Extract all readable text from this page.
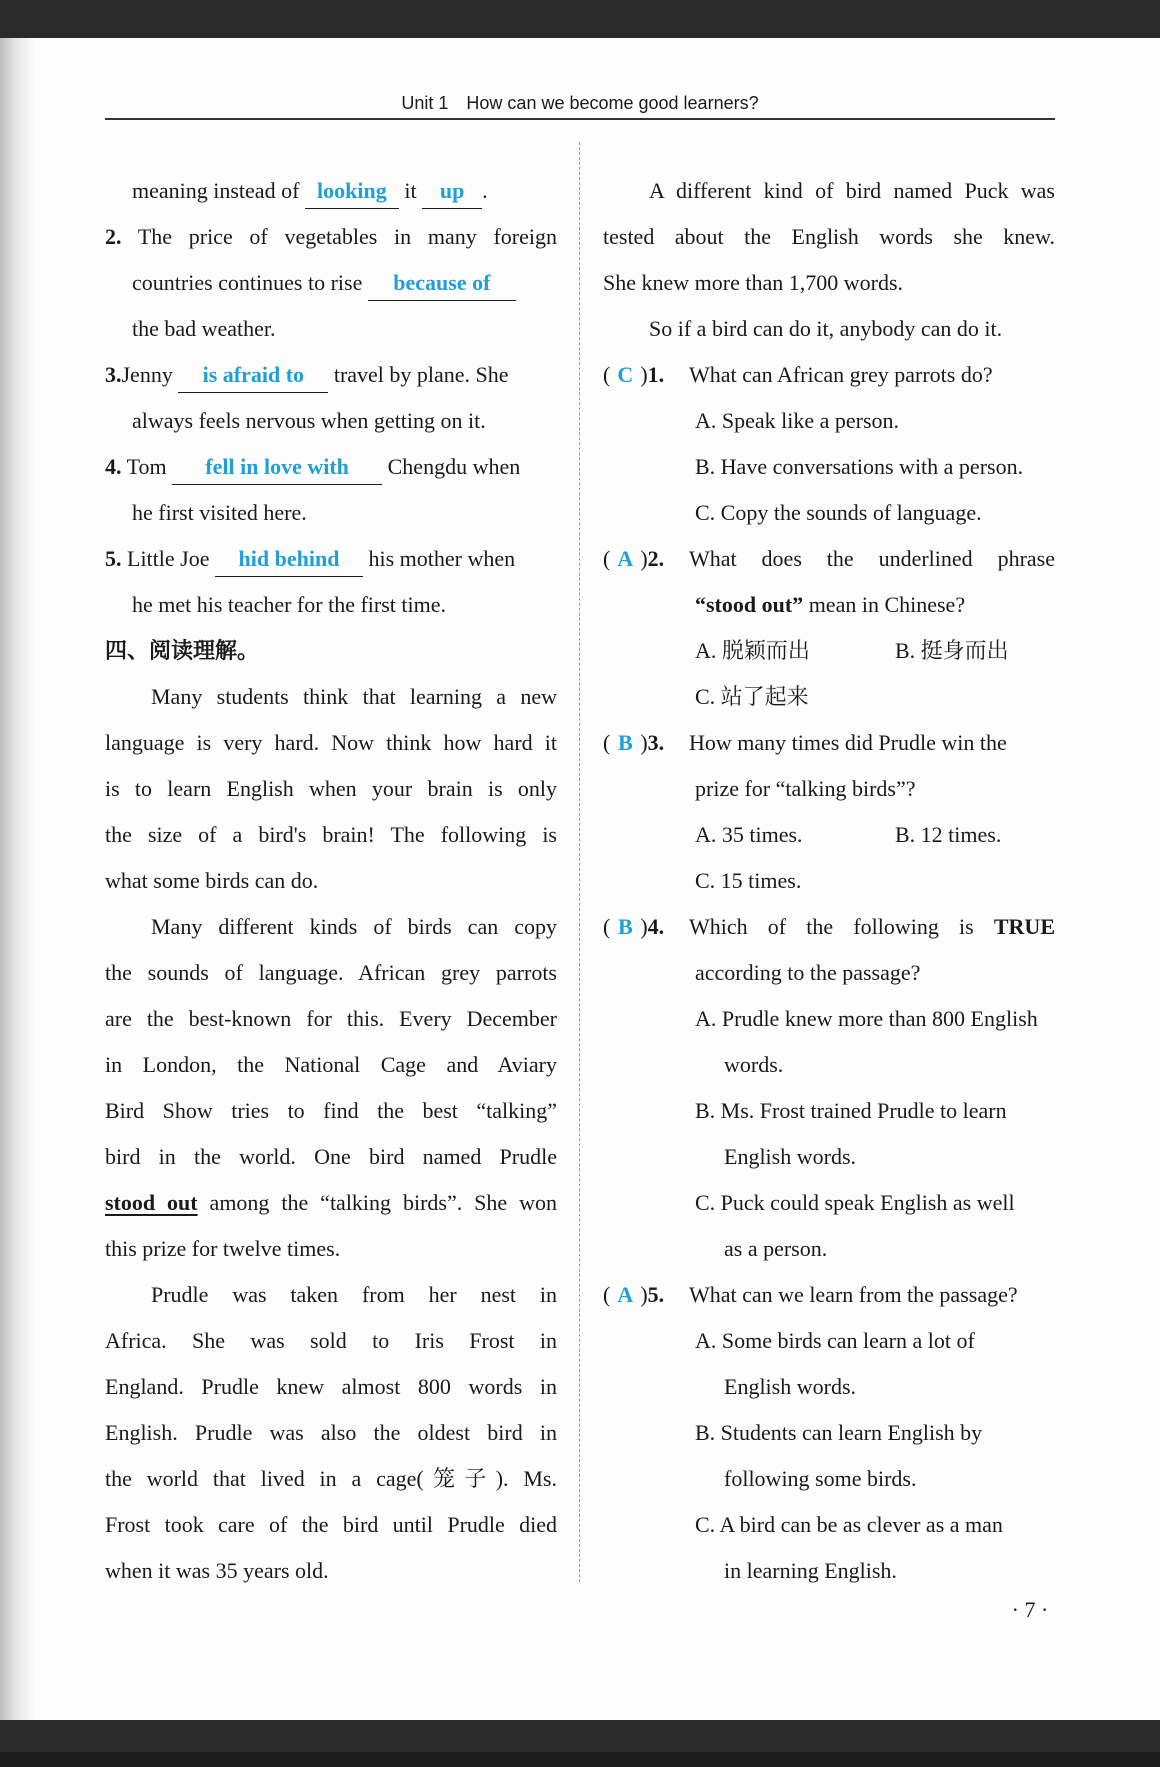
Unit 1　How can we become good learners?
meaning instead of looking it up .
2. The price of vegetables in many foreign
countries continues to rise because of
the bad weather.
3.Jenny is afraid to travel by plane. She
always feels nervous when getting on it.
4. Tom fell in love with Chengdu when
he first visited here.
5. Little Joe hid behind his mother when
he met his teacher for the first time.
四、阅读理解。
Many students think that learning a new
language is very hard. Now think how hard it
is to learn English when your brain is only
the size of a bird's brain! The following is
what some birds can do.
Many different kinds of birds can copy
the sounds of language. African grey parrots
are the best-known for this. Every December
in London, the National Cage and Aviary
Bird Show tries to find the best “talking”
bird in the world. One bird named Prudle
stood out among the “talking birds”. She won
this prize for twelve times.
Prudle was taken from her nest in
Africa. She was sold to Iris Frost in
England. Prudle knew almost 800 words in
English. Prudle was also the oldest bird in
the world that lived in a cage(笼子). Ms.
Frost took care of the bird until Prudle died
when it was 35 years old.
A different kind of bird named Puck was
tested about the English words she knew.
She knew more than 1,700 words.
So if a bird can do it, anybody can do it.
( C )1.	What can African grey parrots do?
A. Speak like a person.
B. Have conversations with a person.
C. Copy the sounds of language.
( A )2.	What does the underlined phrase
“stood out” mean in Chinese?
A. 脱颖而出	B. 挺身而出
C. 站了起来
( B )3.	How many times did Prudle win the
prize for “talking birds”?
A. 35 times.	B. 12 times.
C. 15 times.
( B )4.	Which of the following is TRUE
according to the passage?
A. Prudle knew more than 800 English
words.
B. Ms. Frost trained Prudle to learn
English words.
C. Puck could speak English as well
as a person.
( A )5.	What can we learn from the passage?
A. Some birds can learn a lot of
English words.
B. Students can learn English by
following some birds.
C. A bird can be as clever as a man
in learning English.
· 7 ·
